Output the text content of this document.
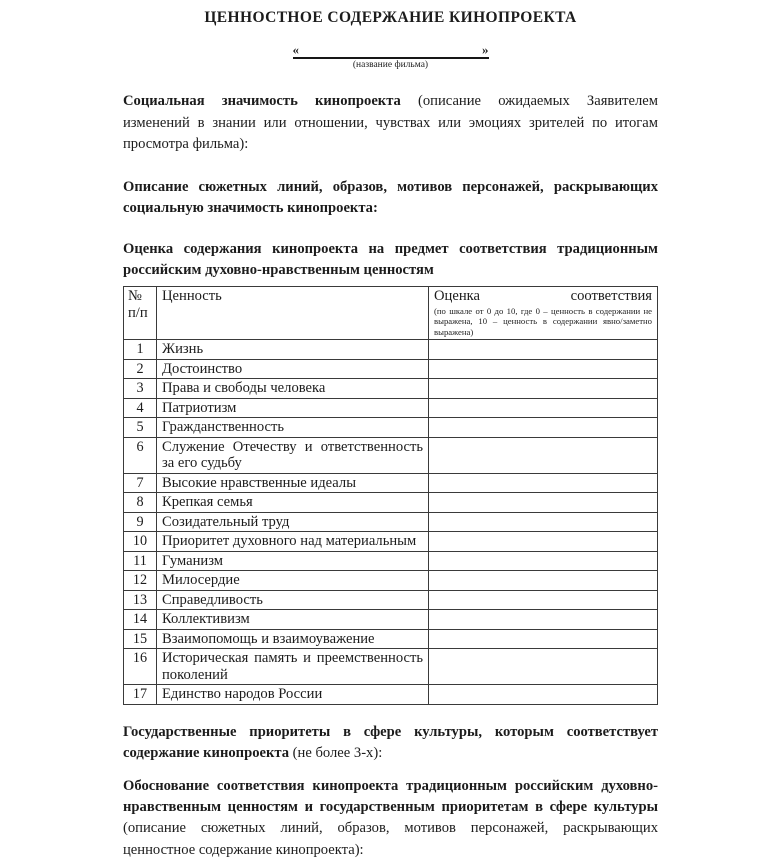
ЦЕННОСТНОЕ СОДЕРЖАНИЕ КИНОПРОЕКТА
«	»
(название фильма)

Социальная значимость кинопроекта (описание ожидаемых Заявителем изменений в знании или отношении, чувствах или эмоциях зрителей по итогам просмотра фильма):

Описание сюжетных линий, образов, мотивов персонажей, раскрывающих социальную значимость кинопроекта:

Оценка содержания кинопроекта на предмет соответствия традиционным российским духовно-нравственным ценностям

№ п/п	Ценность	Оценка соответствия
(по шкале от 0 до 10, где 0 – ценность в содержании не выражена, 10 – ценность в содержании явно/заметно выражена)

1	Жизнь	
2	Достоинство	
3	Права и свободы человека	
4	Патриотизм	
5	Гражданственность	
6	Служение Отечеству и ответственность за его судьбу	
7	Высокие нравственные идеалы	
8	Крепкая семья	
9	Созидательный труд	
10	Приоритет духовного над материальным	
11	Гуманизм	
12	Милосердие	
13	Справедливость	
14	Коллективизм	
15	Взаимопомощь и взаимоуважение	
16	Историческая память и преемственность поколений	
17	Единство народов России	

Государственные приоритеты в сфере культуры, которым соответствует содержание кинопроекта (не более 3-х):

Обоснование соответствия кинопроекта традиционным российским духовно-нравственным ценностям и государственным приоритетам в сфере культуры (описание сюжетных линий, образов, мотивов персонажей, раскрывающих ценностное содержание кинопроекта):
